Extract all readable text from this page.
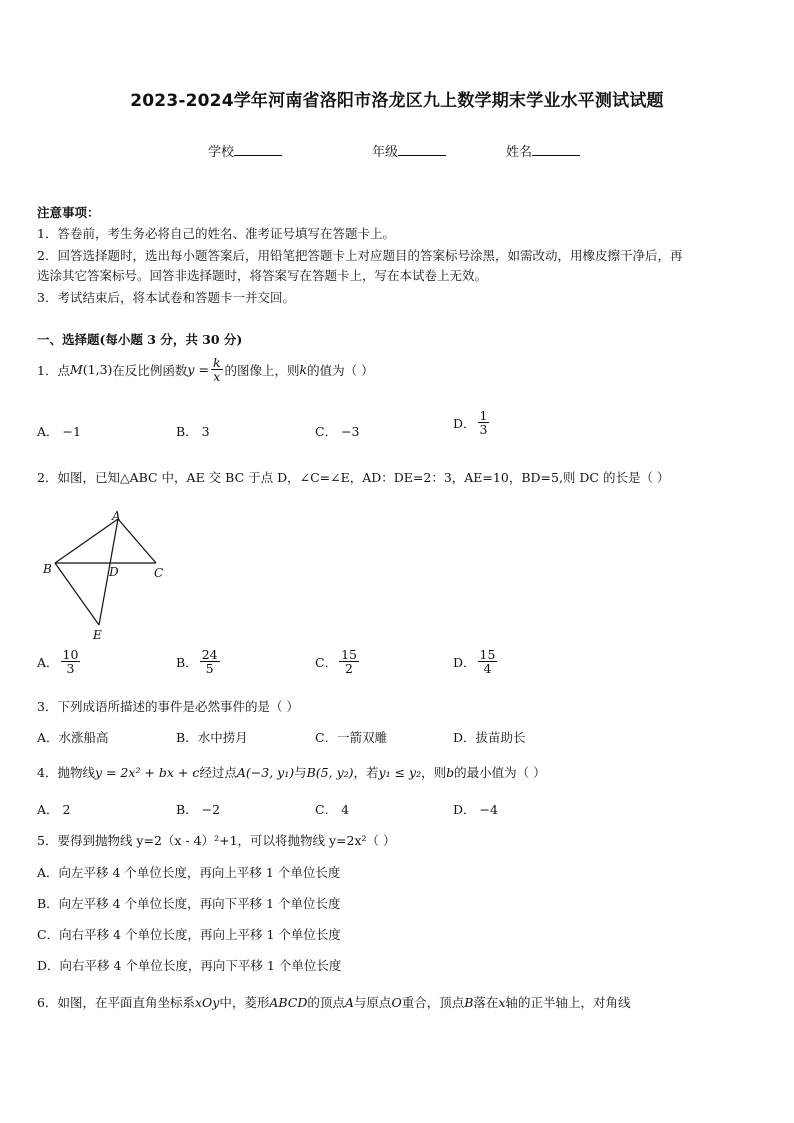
2023-2024学年河南省洛阳市洛龙区九上数学期末学业水平测试试题
学校	年级	姓名
注意事项：
1．答卷前，考生务必将自己的姓名、准考证号填写在答题卡上。
2．回答选择题时，选出每小题答案后，用铅笔把答题卡上对应题目的答案标号涂黑，如需改动，用橡皮擦干净后，再
选涂其它答案标号。回答非选择题时，将答案写在答题卡上，写在本试卷上无效。
3．考试结束后，将本试卷和答题卡一并交回。
一、选择题(每小题 3 分，共 30 分)
1．点 M (1,3) 在反比例函数 $y = \frac{k}{x}$ 的图像上，则 k 的值为（ ）
A． −1	B． 3	C． −3
D． $\frac{1}{3}$
2．如图，已知△ABC 中，AE 交 BC 于点 D，∠C=∠E，AD：DE=2：3，AE=10，BD=5,则 DC 的长是（ ）
A
B	D	C
E
A． $\frac{10}{3}$	B． $\frac{24}{5}$	C． $\frac{15}{2}$	D． $\frac{15}{4}$
3．下列成语所描述的事件是必然事件的是（ ）
A．水涨船高	B．水中捞月	C．一箭双雕	D．拔苗助长
4．抛物线y = 2x² + bx + c经过点A(−3, y₁)与B(5, y₂)，若y₁ ≤ y₂，则b的最小值为（ ）
A． 2	B． −2	C． 4	D． −4
5．要得到抛物线 y=2（x - 4）²+1，可以将抛物线 y=2x²（ ）
A．向左平移 4 个单位长度，再向上平移 1 个单位长度
B．向左平移 4 个单位长度，再向下平移 1 个单位长度
C．向右平移 4 个单位长度，再向上平移 1 个单位长度
D．向右平移 4 个单位长度，再向下平移 1 个单位长度
6．如图，在平面直角坐标系xOy中，菱形ABCD的顶点A与原点O重合，顶点B落在x轴的正半轴上，对角线
